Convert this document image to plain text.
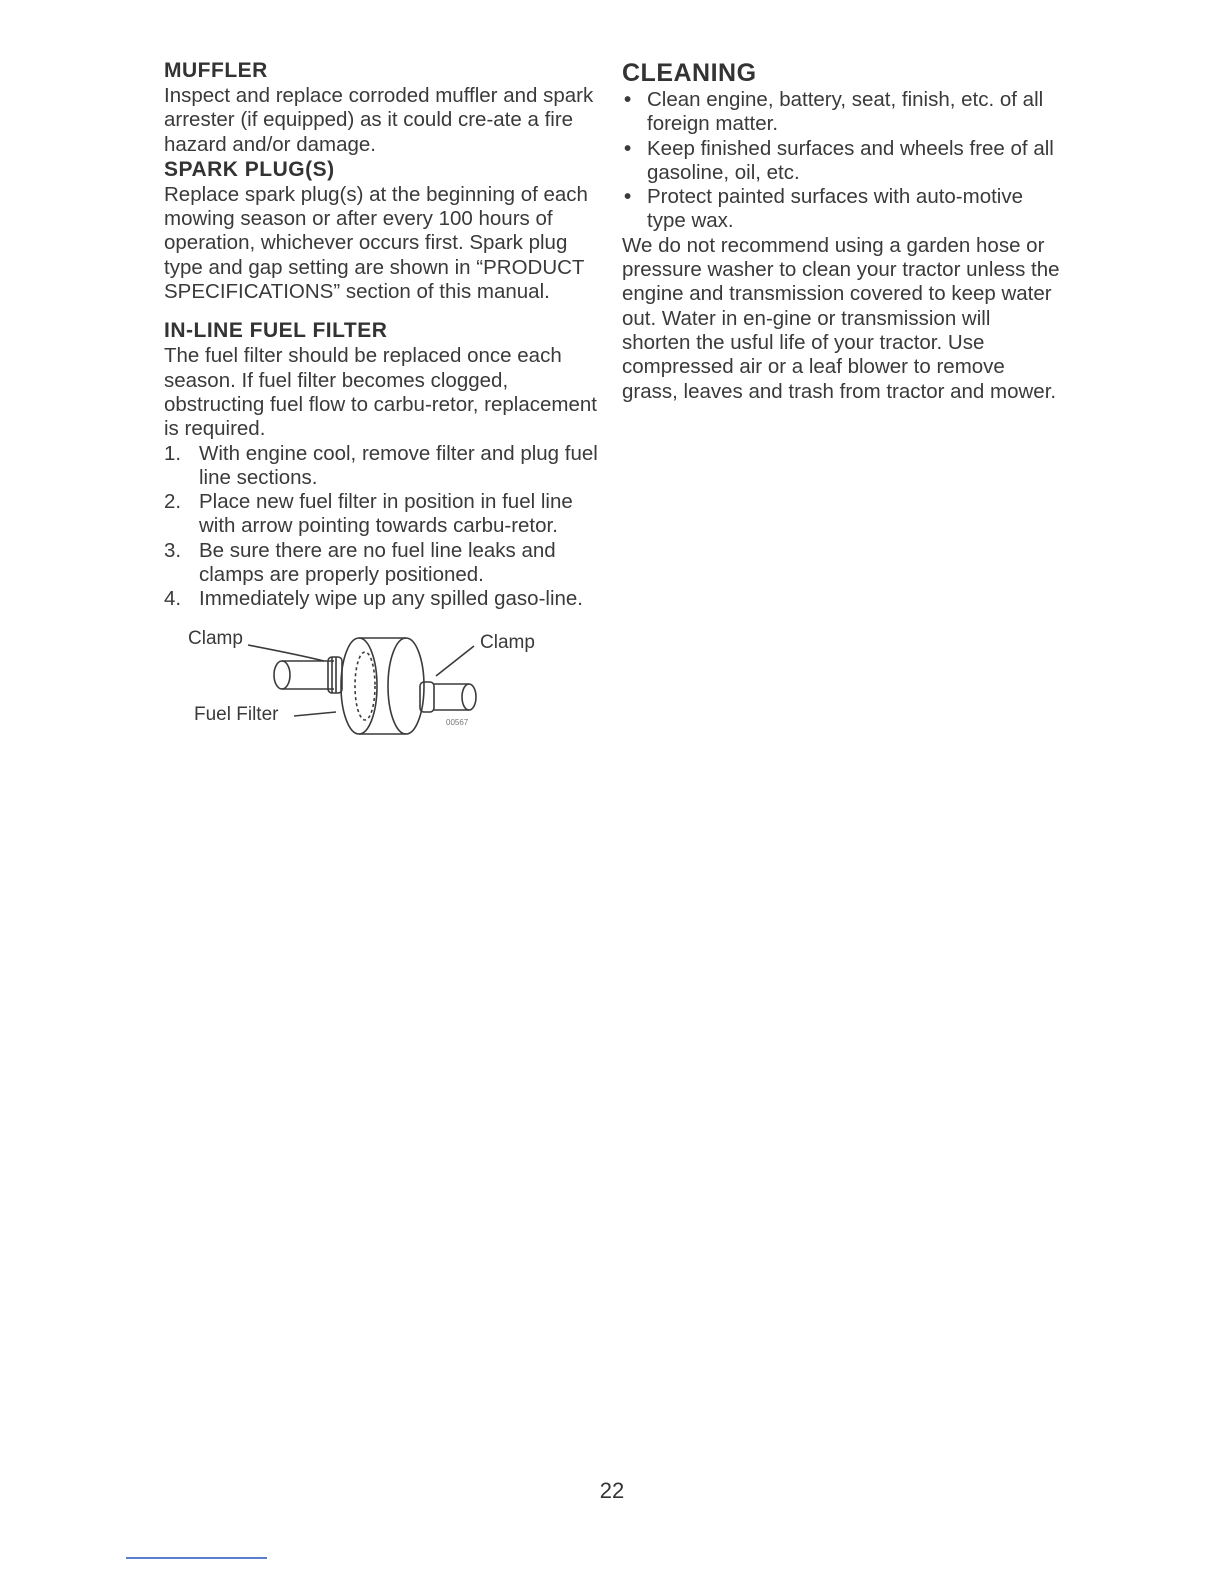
MUFFLER

Inspect and replace corroded muffler and spark arrester (if equipped) as it could cre-ate a fire hazard and/or damage.

SPARK PLUG(S)

Replace spark plug(s) at the beginning of each mowing season or after every 100 hours of operation, whichever occurs first. Spark plug type and gap setting are shown in “PRODUCT SPECIFICATIONS” section of this manual.

IN-LINE FUEL FILTER

The fuel filter should be replaced once each season. If fuel filter becomes clogged, obstructing fuel flow to carbu-retor, replacement is required.

1. With engine cool, remove filter and plug fuel line sections.
2. Place new fuel filter in position in fuel line with arrow pointing towards carbu-retor.
3. Be sure there are no fuel line leaks and clamps are properly positioned.
4. Immediately wipe up any spilled gaso-line.
Clamp	Clamp
Fuel Filter	00567
CLEANING
• Clean engine, battery, seat, finish, etc. of all foreign matter.
• Keep finished surfaces and wheels free of all gasoline, oil, etc.
• Protect painted surfaces with auto-motive type wax.

We do not recommend using a garden hose or pressure washer to clean your tractor unless the engine and transmission covered to keep water out. Water in en-gine or transmission will shorten the usful life of your tractor. Use compressed air or a leaf blower to remove grass, leaves and trash from tractor and mower.

22
